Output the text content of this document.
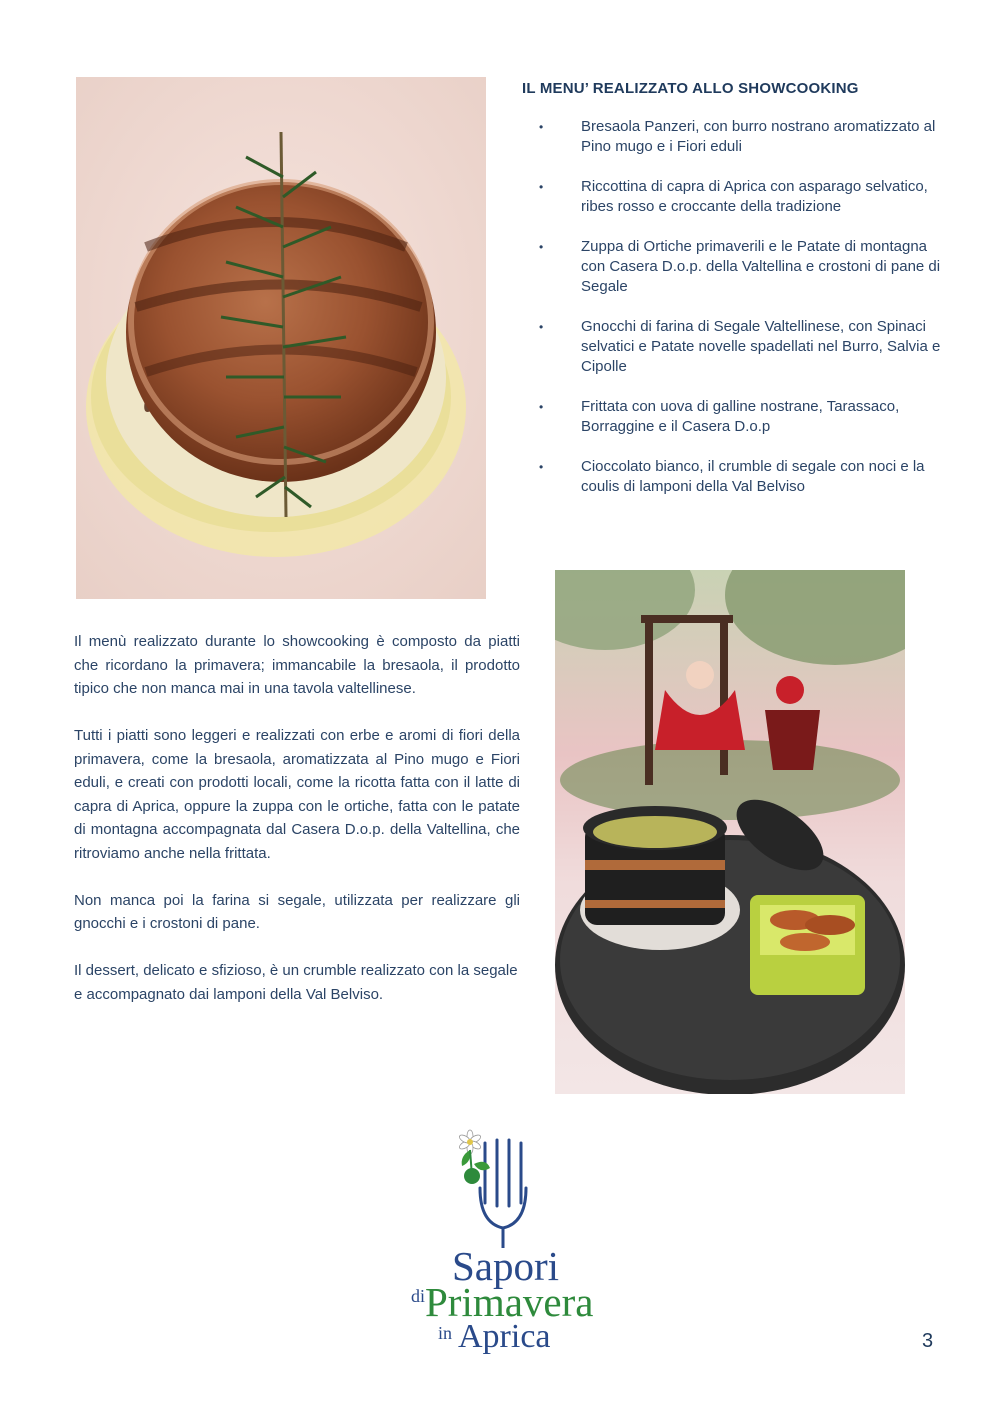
IL MENU’ REALIZZATO ALLO SHOWCOOKING
• Bresaola Panzeri, con burro nostrano aromatizzato al Pino mugo e i Fiori eduli
• Riccottina di capra di Aprica con asparago selvatico, ribes rosso e croccante della tradizione
• Zuppa di Ortiche primaverili e le Patate di montagna con Casera D.o.p. della Valtellina e crostoni di pane di Segale
• Gnocchi di farina di Segale Valtellinese, con Spinaci selvatici e Patate novelle spadellati nel Burro, Salvia e Cipolle
• Frittata con uova di galline nostrane, Tarassaco, Borraggine e il Casera D.o.p
• Cioccolato bianco, il crumble di segale con noci e la coulis di lamponi della Val Belviso

Il menù realizzato durante lo showcooking è composto da piatti che ricordano la primavera; immancabile la bresaola, il prodotto tipico che non manca mai in una tavola valtellinese.

Tutti i piatti sono leggeri e realizzati con erbe e aromi di fiori della primavera, come la bresaola, aromatizzata al Pino mugo e Fiori eduli, e creati con prodotti locali, come la ricotta fatta con il latte di capra di Aprica, oppure la zuppa con le ortiche, fatta con le patate di montagna accompagnata dal Casera D.o.p. della Valtellina, che ritroviamo anche nella frittata.

Non manca poi la farina si segale, utilizzata per realizzare gli gnocchi e i crostoni di pane.

Il dessert, delicato e sfizioso, è un crumble realizzato con la segale e accompagnato dai lamponi della Val Belviso.

Sapori
di Primavera
in Aprica	3
